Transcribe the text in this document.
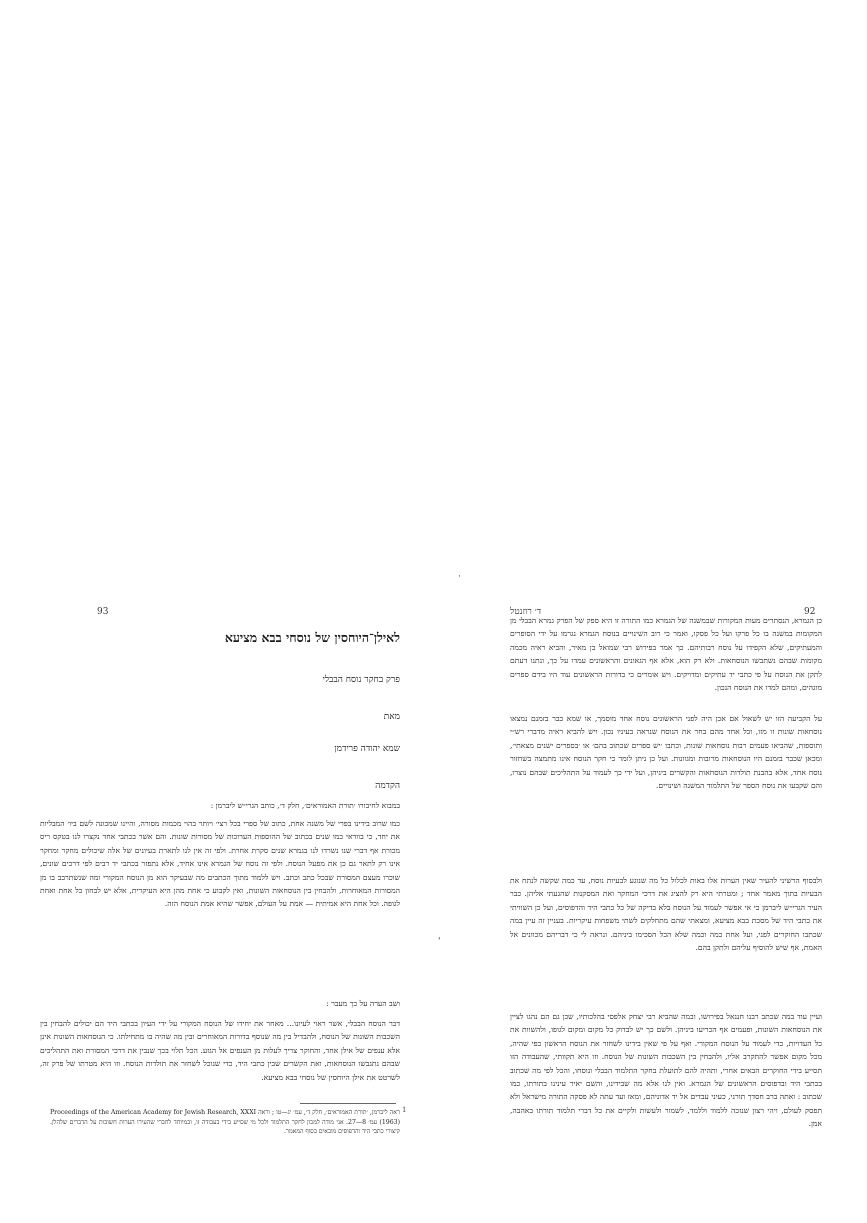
93
לאילן־היוחסין של נוסחי בבא מציעא
פרק בחקר נוסח הבבלי
מאת
שמא יהודה פרידמן
הקדמה
במבוא לחיבורו ׳תורת האמוראים׳, חלק ד׳, כותב הגרי״ש ליברמן :
כמו שרוב בידינו בפרי של משנה אחת, כתוב של ספרי בכל רצי׳ ויותר בהוי מכמות מסורה, והיינו שמכונה לשם ביו׳ המבליות את יחד, כי בוודאי כמו שנים בכתוב של ההוספות הערוכות של מסורות שונות. והם אשר בכתבי אחד נקצרו לנו בטקס ריס מכורת אף דברי שנו נשרדו לנו בגמרא שנים סקרת אחרת. ולפי זה אין לנו לתארת בעיונים של אלה שיכולים מחקר ומחקר אינו רק לתאר גם כן את מפעל הנוסח. ולפי זה נוסח של הגמרא אינו אחיד, אלא נתפזר בכתבי יד רבים לפי דרכים שונים, שוכרו מעצם המסורת שבכל כתב וכתב. ויש ללמוד מתוך הכתבים מה שבעיקר הוא מן הנוסח המקורי ומה שנשתרבב בו מן המסורות המאוחרות, ולהבחין בין הנוסחאות השונות, ואין לקבוע כי אחת מהן היא העיקרית, אלא יש לבחון כל אחת ואחת לגופה. וכל אחת היא אמיתית — אמת על העולם, אפשר שהיא אמת הנוסח הזה.
ושב הערה על כך מעבר :
דבר הנוסח הבבלי, אשר ראוי לעיונו... מאחר את יחידו של הנוסח המקורי על ידי העיון בכתבי היד הם יכולים להבחין בין השכבות השונות של הנוסח, ולהבדיל בין מה שנוסף בדורות המאוחרים ובין מה שהיה בו מתחילתו. כי הנוסחאות השונות אינן אלא ענפים של אילן אחד, והחוקר צריך לעלות מן הענפים אל הגזע. הכל תלוי בכך שנבין את דרכי המסורת ואת התהליכים שבהם נתגבשו הנוסחאות, ואת הקשרים שבין כתבי היד, כדי שנוכל לשחזר את תולדות הנוסח. וזו היא מטרתו של פרק זה, לשרטט את אילן היוחסין של נוסחי בבא מציעא.
1
ראה ליברמן, ׳תורת האמוראים׳, חלק ד׳, עמ׳ יג—טו ; וראה Proceedings of the American Academy for Jewish Research, XXXI (1963) עמ׳ 8—27. אני מודה למכון לחקר התלמוד ולכל מי שסייע בידי בעבודה זו, ובמיוחד לחברי שהעירו הערות חשובות על הדברים שלהלן. קיצורי כתבי היד והדפוסים מובאים בסוף המאמר.
·
'
92
ד׳ רוזנטל
כן הגמרא, הנסתרים מעות המקורות שבמשנה של הגמרא כמו התורה זו היא ספק של הפרק גמרא הבבלי מן המקומות במשנה בו כל פרקו ועל כל פסקו, ואמר כי רוב השינויים בנוסח הגמרא נגרמו על ידי הסופרים והמעתיקים, שלא הקפידו על נוסח רבותיהם. כך אמר בפירוש רבי שמואל בן מאיר, והביא ראיה מכמה מקומות שבהם נשתבשו הנוסחאות. ולא רק הוא, אלא אף הגאונים והראשונים עמדו על כך, ונתנו דעתם לתקן את הנוסח על פי כתבי יד עתיקים ומדויקים. ויש אומרים כי בדורות הראשונים עוד היו בידם ספרים מוגהים, ומהם למדו את הנוסח הנכון.
על הקביעה הזו יש לשאול אם אכן היה לפני הראשונים נוסח אחד מוסמך, או שמא כבר בזמנם נמצאו נוסחאות שונות זו מזו, וכל אחד מהם בחר את הנוסח שנראה בעיניו נכון. ויש להביא ראיה מדברי רש״י ותוספות, שהביאו פעמים רבות נוסחאות שונות, וכתבו ׳יש ספרים שכתוב בהם׳ או ׳בספרים ישנים מצאתי׳, ומכאן שכבר בזמנם היו הנוסחאות מרובות ומגוונות. ועל כן ניתן לומר כי חקר הנוסח אינו מתמצה בשחזור נוסח אחד, אלא בהבנת תולדות הנוסחאות והקשרים ביניהן, ועל ידי כך לעמוד על התהליכים שבהם נוצרו, והם שקבעו את נוסח הספר של התלמוד המשנה ושינויים.
ולבסוף הרשיני להעיר שאין הערות אלו באות לכלול כל מה שנוגע לבעיות נוסח, עד כמה שקשה לנתח את הבעיות בתוך מאמר אחד ; ומטרתי היא רק להציג את דרכי המחקר ואת המסקנות שהגעתי אליהן. כבר העיר הגרי״ש ליברמן כי אי אפשר לעמוד על הנוסח בלא בדיקה של כל כתבי היד והדפוסים, ועל כן השוויתי את כתבי היד של מסכת בבא מציעא, ומצאתי שהם מתחלקים לשתי משפחות עיקריות. בעניין זה עיין במה שכתבו החוקרים לפני, ועל אחת כמה וכמה שלא הכל הסכימו ביניהם. ונראה לי כי דבריהם מכוונים אל האמת, אף שיש להוסיף עליהם ולתקן בהם.
ועיין עוד במה שכתב רבנו חננאל בפירושו, ובמה שהביא רבי יצחק אלפסי בהלכותיו, שכן גם הם נהגו לציין את הנוסחאות השונות, ופעמים אף הכריעו ביניהן. ולשם כך יש לבדוק כל מקום ומקום לגופו, ולהשוות את כל העדויות, כדי לעמוד על הנוסח המקורי. ואף על פי שאין בידינו לשחזר את הנוסח הראשון כפי שהיה, מכל מקום אפשר להתקרב אליו, ולהבחין בין השכבות השונות של הנוסח. וזו היא תקוותי, שהעבודה הזו תסייע בידי החוקרים הבאים אחרי, ותהיה להם לתועלת בחקר התלמוד הבבלי ונוסחו, והכל לפי מה שכתוב בכתבי היד ובדפוסים הראשונים של הגמרא. ואין לנו אלא מה שבידינו, והשם יאיר עינינו בתורתו, כמו שכתוב : ואתה ברב חסדך תורני, כעיני עבדים אל יד אדוניהם, ומאז ועד עתה לא פסקה התורה מישראל ולא תפסק לעולם, ויהי רצון שנזכה ללמוד וללמד, לשמור ולעשות ולקיים את כל דברי תלמוד תורתו באהבה, אמן.
